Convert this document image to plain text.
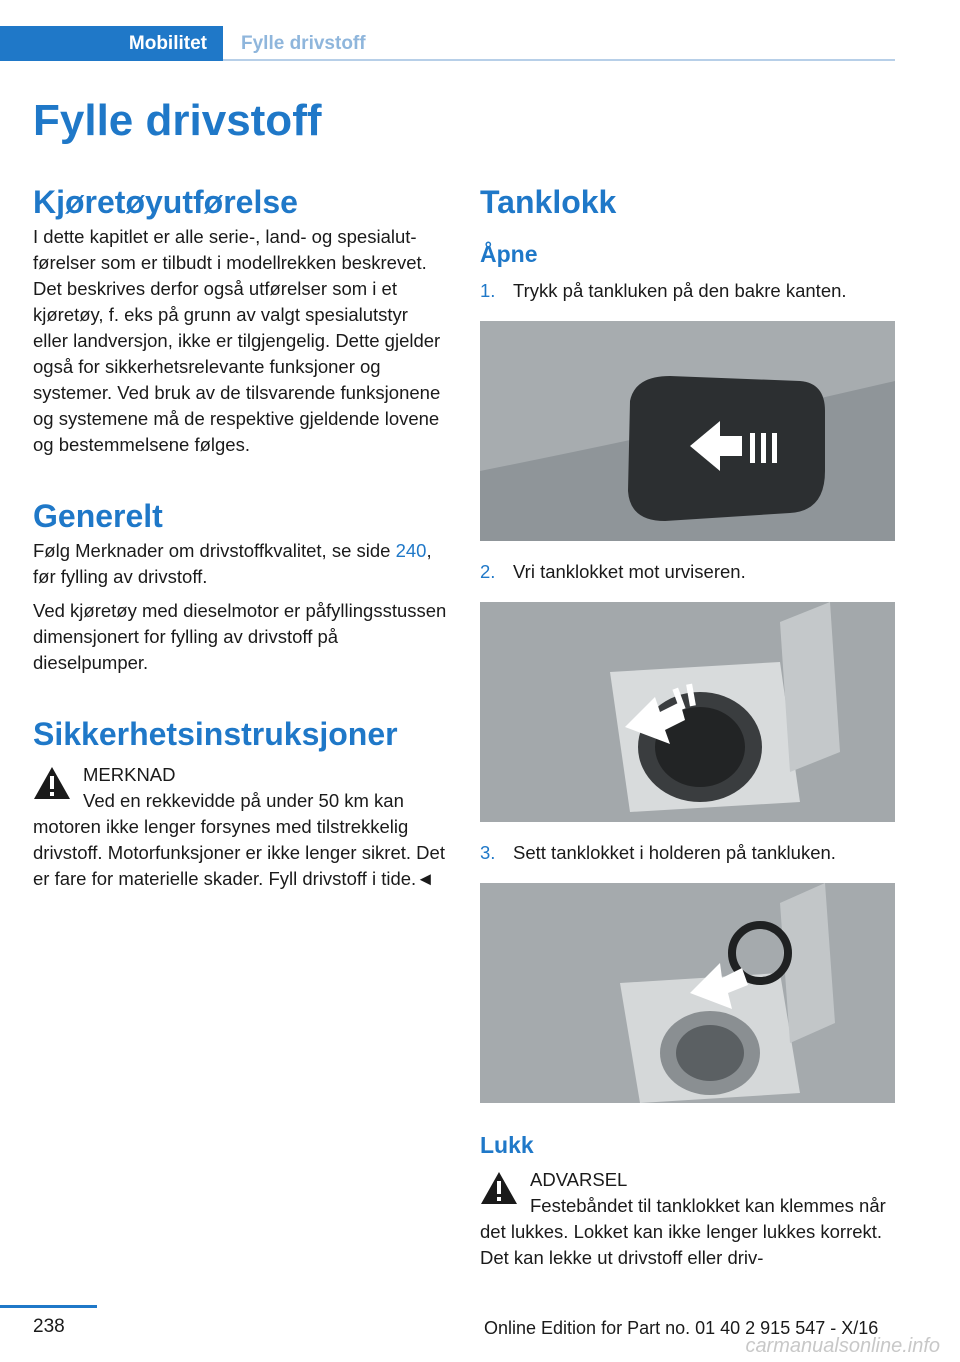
Mobilitet	Fylle drivstoff
Fylle drivstoff
Kjøretøyutførelse

I dette kapitlet er alle serie-, land- og spesialutførelser som er tilbudt i modellrekken beskrevet. Det beskrives derfor også utførelser som i et kjøretøy, f. eks på grunn av valgt spesialutstyr eller landversjon, ikke er tilgjengelig. Dette gjelder også for sikkerhetsrelevante funksjoner og systemer. Ved bruk av de tilsvarende funksjonene og systemene må de respektive gjeldende lovene og bestemmelsene følges.

Generelt

Følg Merknader om drivstoffkvalitet, se side 240, før fylling av drivstoff.

Ved kjøretøy med dieselmotor er påfyllingsstussen dimensjonert for fylling av drivstoff på dieselpumper.

Sikkerhetsinstruksjoner
MERKNAD

Ved en rekkevidde på under 50 km kan motoren ikke lenger forsynes med tilstrekkelig drivstoff. Motorfunksjoner er ikke lenger sikret. Det er fare for materielle skader. Fyll drivstoff i tide.◄

Tanklokk
Åpne
1. Trykk på tankluken på den bakre kanten.
2. Vri tanklokket mot urviseren.
3. Sett tanklokket i holderen på tankluken.
Lukk
ADVARSEL

Festebåndet til tanklokket kan klemmes når det lukkes. Lokket kan ikke lenger lukkes korrekt. Det kan lekke ut drivstoff eller driv-

238	Online Edition for Part no. 01 40 2 915 547 - X/16
carmanualsonline.info
